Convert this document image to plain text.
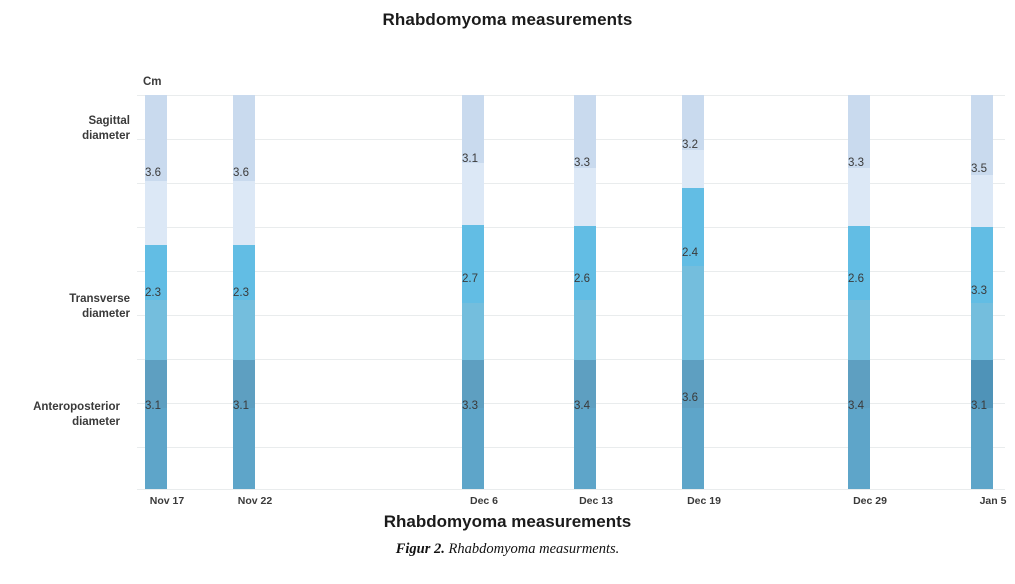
Rhabdomyoma measurements
Cm
Sagittal
diameter
Transverse
diameter
Anteroposterior
diameter
3.6
2.3
3.1
3.6
2.3
3.1
3.1
2.7
3.3
3.3
2.6
3.4
3.2
2.4
3.6
3.3
2.6
3.4
3.5
3.3
3.1
Nov 17	Nov 22	Dec 6	Dec 13	Dec 19	Dec 29	Jan 5
Rhabdomyoma measurements
Figur 2. Rhabdomyoma measurments.
